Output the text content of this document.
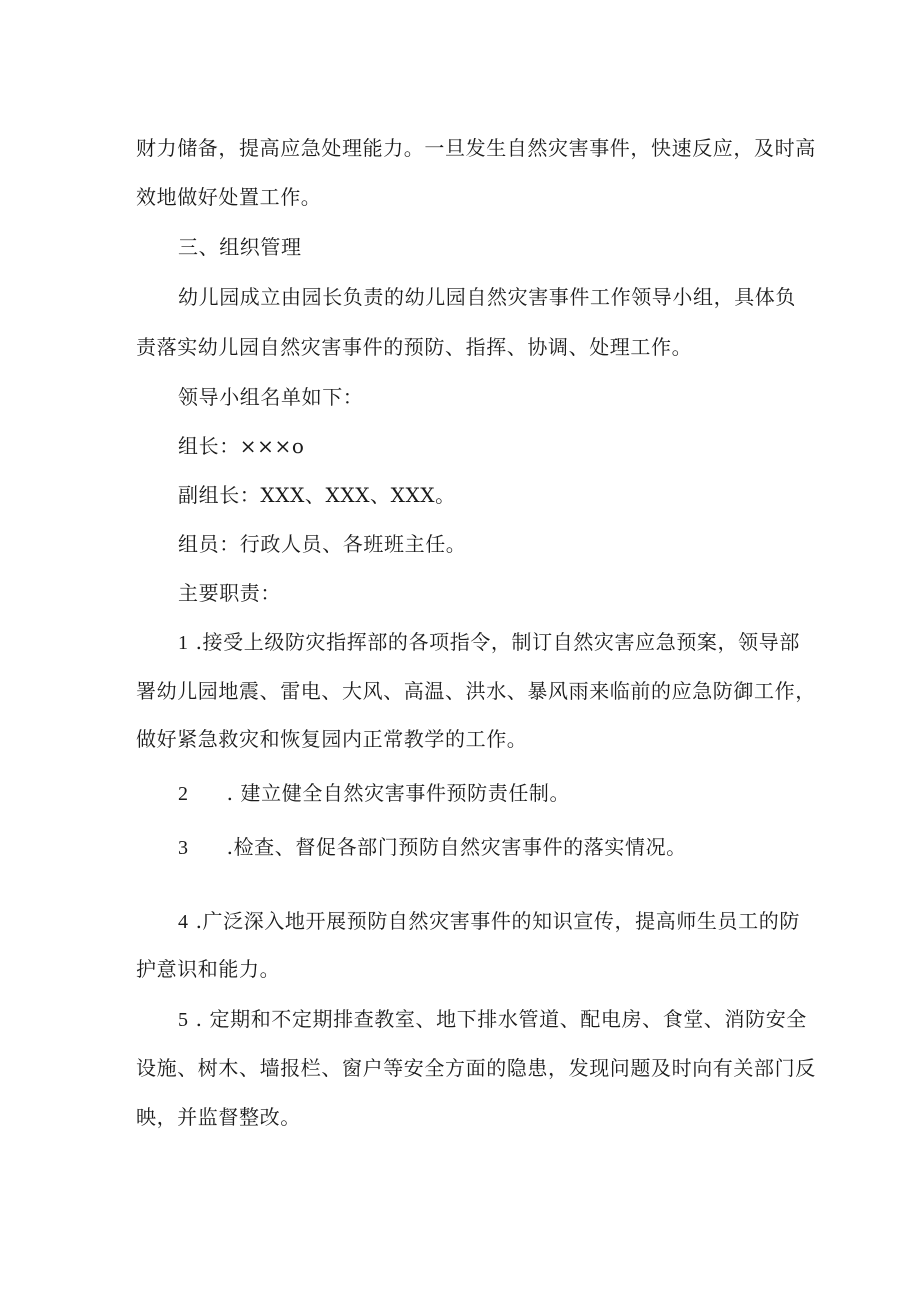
财力储备，提高应急处理能力。一旦发生自然灾害事件，快速反应，及时高
效地做好处置工作。
三、组织管理
幼儿园成立由园长负责的幼儿园自然灾害事件工作领导小组，具体负
责落实幼儿园自然灾害事件的预防、指挥、协调、处理工作。
领导小组名单如下：
组长：×××o
副组长：XXX、XXX、XXX。
组员：行政人员、各班班主任。
主要职责：
1 .接受上级防灾指挥部的各项指令，制订自然灾害应急预案，领导部
署幼儿园地震、雷电、大风、高温、洪水、暴风雨来临前的应急防御工作，
做好紧急救灾和恢复园内正常教学的工作。
2 . 建立健全自然灾害事件预防责任制。
3 .检查、督促各部门预防自然灾害事件的落实情况。
4 .广泛深入地开展预防自然灾害事件的知识宣传，提高师生员工的防
护意识和能力。
5 . 定期和不定期排查教室、地下排水管道、配电房、食堂、消防安全
设施、树木、墙报栏、窗户等安全方面的隐患，发现问题及时向有关部门反
映，并监督整改。
